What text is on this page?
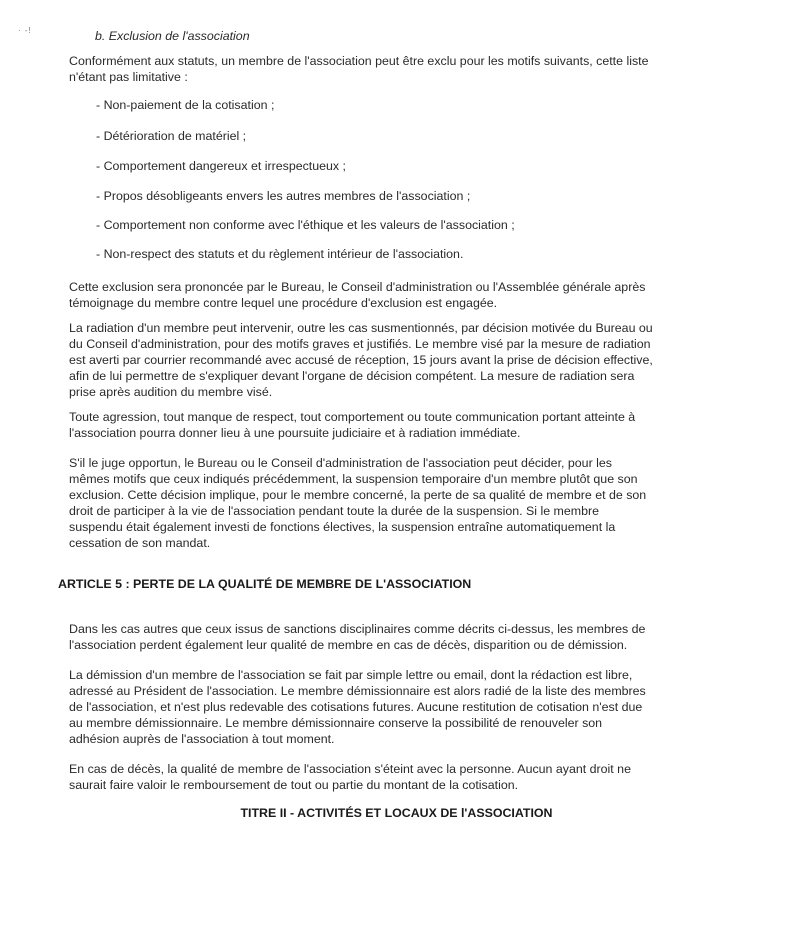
· -!	b. Exclusion de l'association
Conformément aux statuts, un membre de l'association peut être exclu pour les motifs suivants, cette liste
n'étant pas limitative :
- Non-paiement de la cotisation ;
- Détérioration de matériel ;
- Comportement dangereux et irrespectueux ;
- Propos désobligeants envers les autres membres de l'association ;
- Comportement non conforme avec l'éthique et les valeurs de l'association ;
- Non-respect des statuts et du règlement intérieur de l'association.
Cette exclusion sera prononcée par le Bureau, le Conseil d'administration ou l'Assemblée générale après
témoignage du membre contre lequel une procédure d'exclusion est engagée.
La radiation d'un membre peut intervenir, outre les cas susmentionnés, par décision motivée du Bureau ou
du Conseil d'administration, pour des motifs graves et justifiés. Le membre visé par la mesure de radiation
est averti par courrier recommandé avec accusé de réception, 15 jours avant la prise de décision effective,
afin de lui permettre de s'expliquer devant l'organe de décision compétent. La mesure de radiation sera
prise après audition du membre visé.
Toute agression, tout manque de respect, tout comportement ou toute communication portant atteinte à
l'association pourra donner lieu à une poursuite judiciaire et à radiation immédiate.
S'il le juge opportun, le Bureau ou le Conseil d'administration de l'association peut décider, pour les
mêmes motifs que ceux indiqués précédemment, la suspension temporaire d'un membre plutôt que son
exclusion. Cette décision implique, pour le membre concerné, la perte de sa qualité de membre et de son
droit de participer à la vie de l'association pendant toute la durée de la suspension. Si le membre
suspendu était également investi de fonctions électives, la suspension entraîne automatiquement la
cessation de son mandat.
ARTICLE 5 : PERTE DE LA QUALITÉ DE MEMBRE DE L'ASSOCIATION
Dans les cas autres que ceux issus de sanctions disciplinaires comme décrits ci-dessus, les membres de
l'association perdent également leur qualité de membre en cas de décès, disparition ou de démission.
La démission d'un membre de l'association se fait par simple lettre ou email, dont la rédaction est libre,
adressé au Président de l'association. Le membre démissionnaire est alors radié de la liste des membres
de l'association, et n'est plus redevable des cotisations futures. Aucune restitution de cotisation n'est due
au membre démissionnaire. Le membre démissionnaire conserve la possibilité de renouveler son
adhésion auprès de l'association à tout moment.
En cas de décès, la qualité de membre de l'association s'éteint avec la personne. Aucun ayant droit ne
saurait faire valoir le remboursement de tout ou partie du montant de la cotisation.
TITRE II - ACTIVITÉS ET LOCAUX DE l'ASSOCIATION
